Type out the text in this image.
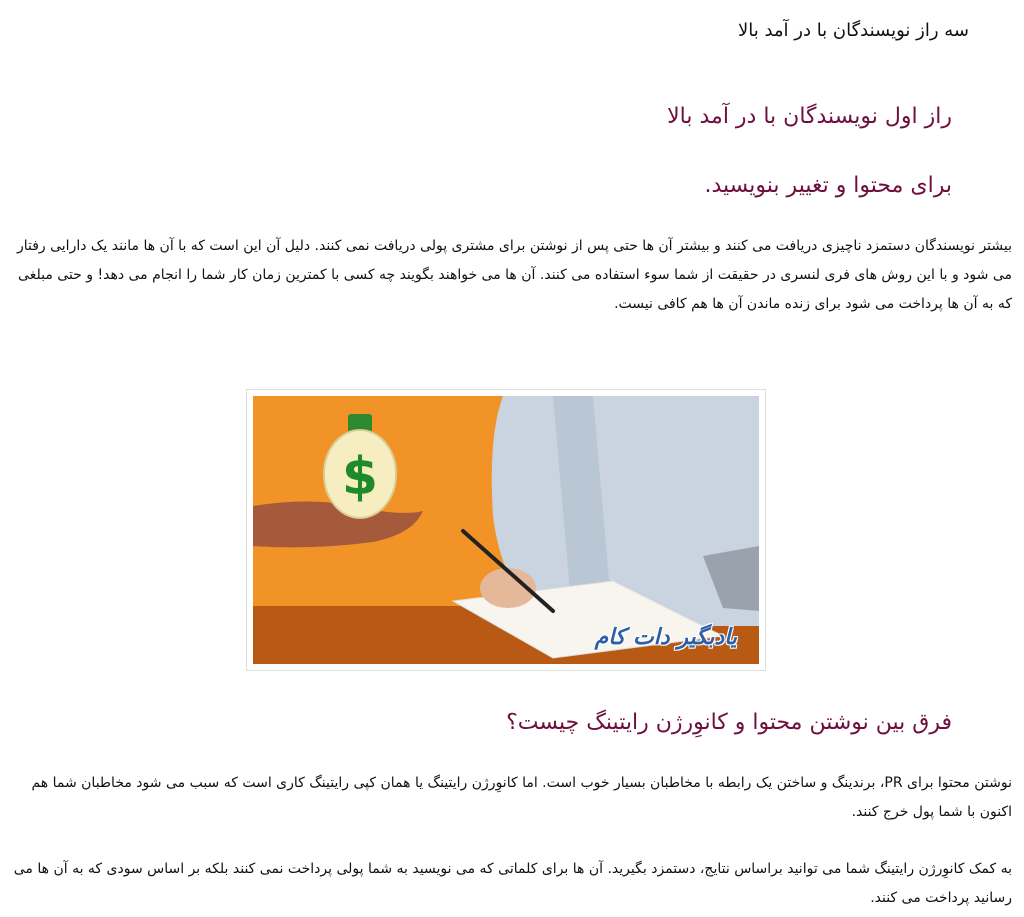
سه راز نویسندگان با در آمد بالا
راز اول نویسندگان با در آمد بالا
برای محتوا و تغییر بنویسید.

بیشتر نویسندگان دستمزد ناچیزی دریافت می کنند و بیشتر آن ها حتی پس از نوشتن برای مشتری پولی دریافت نمی کنند. دلیل آن این است که با آن ها مانند یک دارایی رفتار می شود و با این روش های فری لنسری در حقیقت از شما سوء استفاده می کنند. آن ها می خواهند بگویند چه کسی با کمترین زمان کار شما را انجام می دهد! و حتی مبلغی که به آن ها پرداخت می شود برای زنده ماندن آن ها هم کافی نیست.

$
یادبگیر دات کام
فرق بین نوشتن محتوا و کانوِرژن رایتینگ چیست؟

نوشتن محتوا برای PR، برندینگ و ساختن یک رابطه با مخاطبان بسیار خوب است. اما کانوِرژن رایتینگ یا همان کپی رایتینگ کاری است که سبب می شود مخاطبان شما هم اکنون با شما پول خرج کنند.

به کمک کانوِرژن رایتینگ شما می توانید براساس نتایج، دستمزد بگیرید. آن ها برای کلماتی که می نویسید به شما پولی پرداخت نمی کنند بلکه بر اساس سودی که به آن ها می رسانید پرداخت می کنند.
